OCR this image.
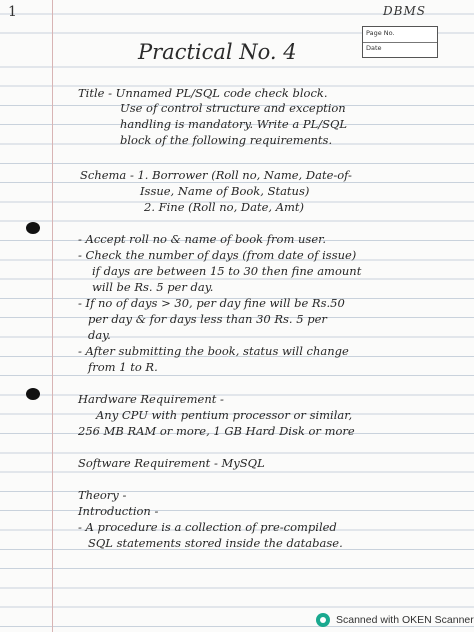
1	DBMS
Page No.
Date
Practical No. 4
Title - Unnamed PL/SQL code check block.
Use of control structure and exception
handling is mandatory. Write a PL/SQL
block of the following requirements.
Schema - 1. Borrower (Roll no, Name, Date-of-
Issue, Name of Book, Status)
2. Fine (Roll no, Date, Amt)
- Accept roll no & name of book from user.
- Check the number of days (from date of issue)
if days are between 15 to 30 then fine amount
will be Rs. 5 per day.
- If no of days > 30, per day fine will be Rs.50
per day & for days less than 30 Rs. 5 per
day.
- After submitting the book, status will change
from 1 to R.
Hardware Requirement -
Any CPU with pentium processor or similar,
256 MB RAM or more, 1 GB Hard Disk or more
Software Requirement - MySQL
Theory -
Introduction -
- A procedure is a collection of pre-compiled
SQL statements stored inside the database.
Scanned with OKEN Scanner
